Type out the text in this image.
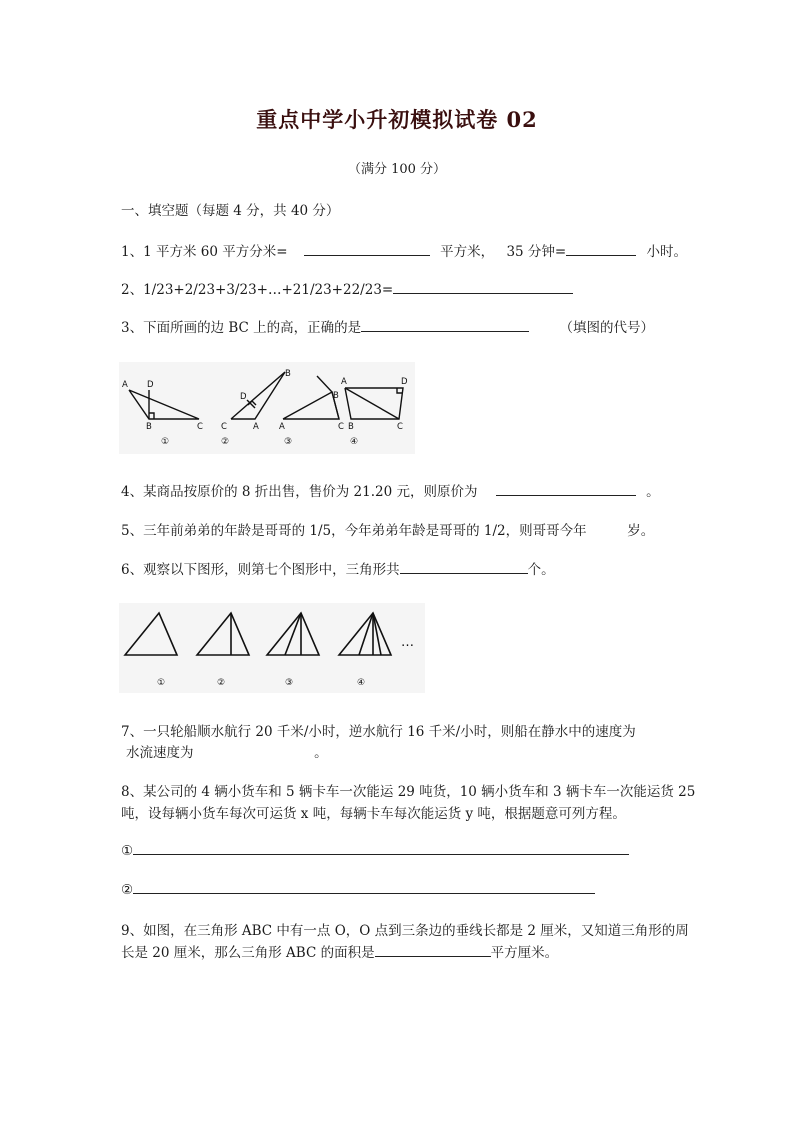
重点中学小升初模拟试卷 02
（满分 100 分）
一、填空题（每题 4 分，共 40 分）
1、1 平方米 60 平方分米=	平方米， 35 分钟=	小时。
2、1/23+2/23+3/23+…+21/23+22/23=
3、下面所画的边 BC 上的高，正确的是	（填图的代号）
A D
B	C
B
D
C	A
B
A	C
A	D
B	C
①	②	③	④
4、某商品按原价的 8 折出售，售价为 21.20 元，则原价为	。
5、三年前弟弟的年龄是哥哥的 1/5，今年弟弟年龄是哥哥的 1/2，则哥哥今年	岁。
6、观察以下图形，则第七个图形中，三角形共	个。
…
①	②	③	④
7、一只轮船顺水航行 20 千米/小时，逆水航行 16 千米/小时，则船在静水中的速度为
水流速度为	。
8、某公司的 4 辆小货车和 5 辆卡车一次能运 29 吨货，10 辆小货车和 3 辆卡车一次能运货 25
吨，设每辆小货车每次可运货 x 吨，每辆卡车每次能运货 y 吨，根据题意可列方程。
①
②
9、如图，在三角形 ABC 中有一点 O，O 点到三条边的垂线长都是 2 厘米，又知道三角形的周
长是 20 厘米，那么三角形 ABC 的面积是	平方厘米。
